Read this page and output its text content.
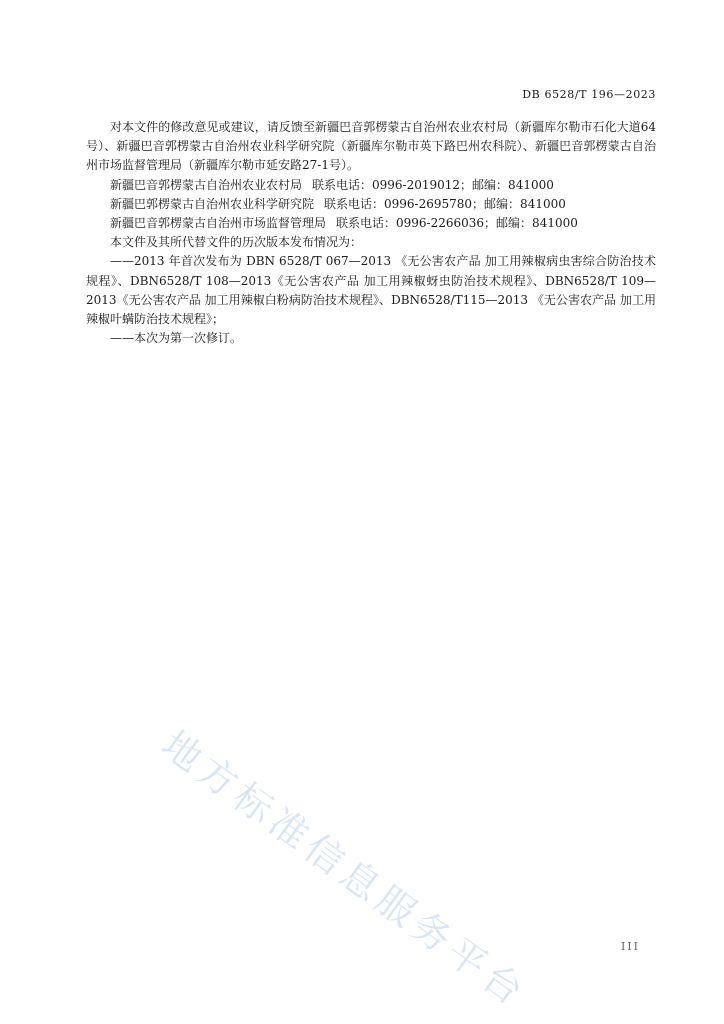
DB 6528/T 196—2023

对本文件的修改意见或建议，请反馈至新疆巴音郭楞蒙古自治州农业农村局（新疆库尔勒市石化大道64号）、新疆巴音郭楞蒙古自治州农业科学研究院（新疆库尔勒市英下路巴州农科院）、新疆巴音郭楞蒙古自治州市场监督管理局（新疆库尔勒市延安路27-1号）。

新疆巴音郭楞蒙古自治州农业农村局 联系电话：0996-2019012；邮编：841000

新疆巴郭楞蒙古自治州农业科学研究院 联系电话：0996-2695780；邮编：841000

新疆巴音郭楞蒙古自治州市场监督管理局 联系电话：0996-2266036；邮编：841000

本文件及其所代替文件的历次版本发布情况为：

——2013 年首次发布为 DBN 6528/T 067—2013 《无公害农产品 加工用辣椒病虫害综合防治技术规程》、DBN6528/T 108—2013《无公害农产品 加工用辣椒蚜虫防治技术规程》、DBN6528/T 109—2013《无公害农产品 加工用辣椒白粉病防治技术规程》、DBN6528/T115—2013 《无公害农产品 加工用辣椒叶螨防治技术规程》；

——本次为第一次修订。

地方标准信息服务平台	III
